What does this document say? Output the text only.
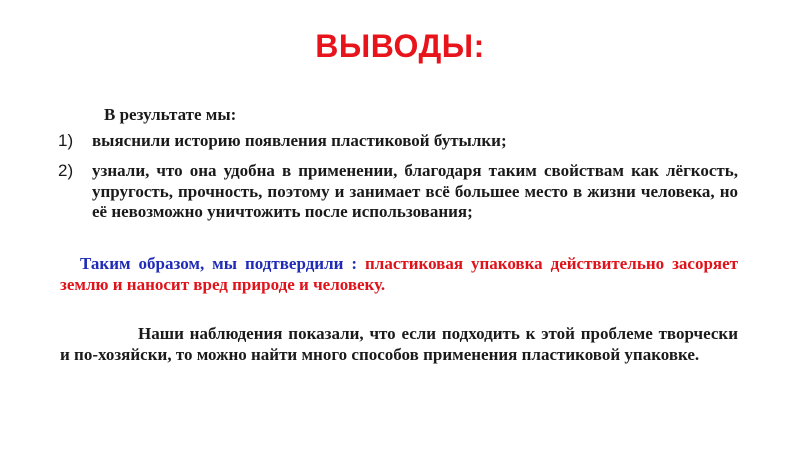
ВЫВОДЫ:
В результате мы:
1)	выяснили историю появления пластиковой бутылки;
2)	узнали, что она удобна в применении, благодаря таким свойствам как лёгкость, упругость, прочность, поэтому и занимает всё большее место в жизни человека, но её невозможно уничтожить после использования;
Таким образом, мы подтвердили : пластиковая упаковка действительно засоряет землю и наносит вред природе и человеку.
Наши наблюдения показали, что если подходить к этой проблеме творчески и по-хозяйски, то можно найти много способов применения пластиковой упаковке.
